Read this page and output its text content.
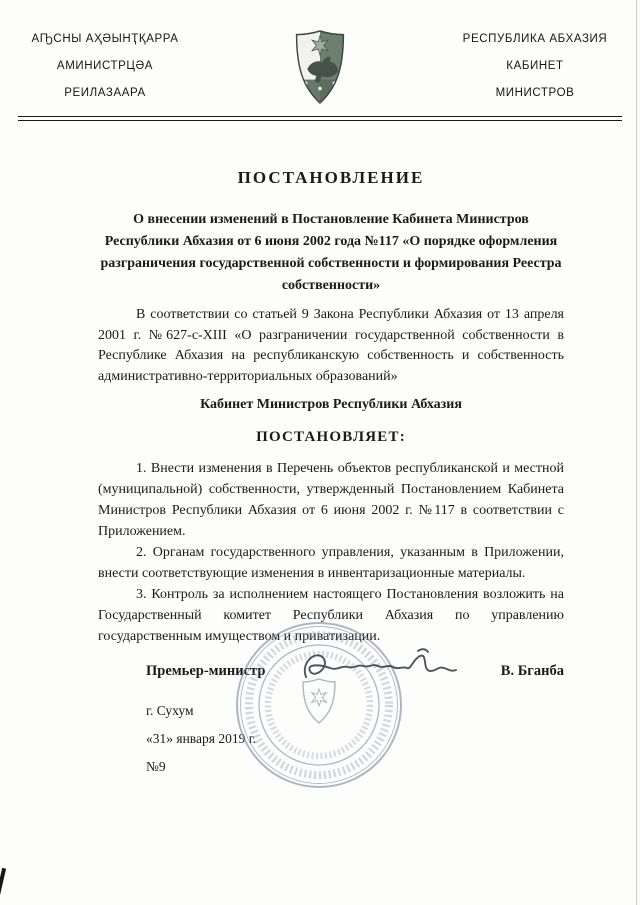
АҦСНЫ АҲӘЫНҬҚАРРА
АМИНИСТРЦӘА
РЕИЛАЗААРА
РЕСПУБЛИКА АБХАЗИЯ
КАБИНЕТ
МИНИСТРОВ
ПОСТАНОВЛЕНИЕ

О внесении изменений в Постановление Кабинета Министров Республики Абхазия от 6 июня 2002 года №117 «О порядке оформления разграничения государственной собственности и формирования Реестра собственности»

В соответствии со статьей 9 Закона Республики Абхазия от 13 апреля 2001 г. №627-с-XIII «О разграничении государственной собственности в Республике Абхазия на республиканскую собственность и собственность административно-территориальных образований»

Кабинет Министров Республики Абхазия

ПОСТАНОВЛЯЕТ:

1. Внести изменения в Перечень объектов республиканской и местной (муниципальной) собственности, утвержденный Постановлением Кабинета Министров Республики Абхазия от 6 июня 2002 г. №117 в соответствии с Приложением.

2. Органам государственного управления, указанным в Приложении, внести соответствующие изменения в инвентаризационные материалы.

3. Контроль за исполнением настоящего Постановления возложить на Государственный комитет Республики Абхазия по управлению государственным имуществом и приватизации.

Премьер-министр	В. Бганба
г. Сухум
«31» января 2019 г.
№9
